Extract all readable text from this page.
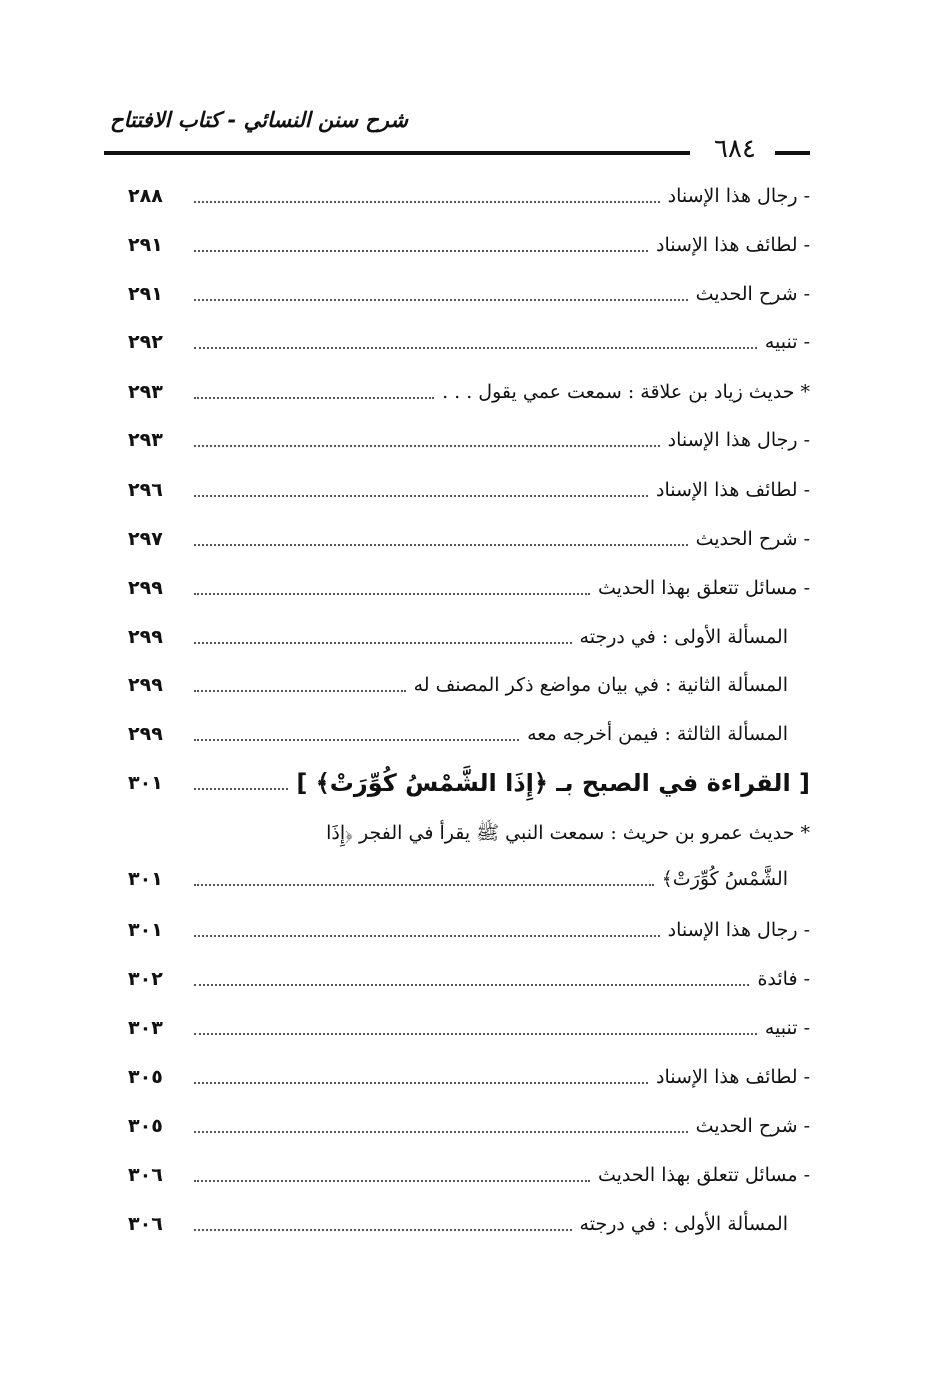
شرح سنن النسائي - كتاب الافتتاح
٦٨٤
- رجال هذا الإسناد
٢٨٨
- لطائف هذا الإسناد
٢٩١
- شرح الحديث
٢٩١
- تنبيه
٢٩٢
* حديث زياد بن علاقة : سمعت عمي يقول . . .
٢٩٣
- رجال هذا الإسناد
٢٩٣
- لطائف هذا الإسناد
٢٩٦
- شرح الحديث
٢٩٧
- مسائل تتعلق بهذا الحديث
٢٩٩
المسألة الأولى : في درجته
٢٩٩
المسألة الثانية : في بيان مواضع ذكر المصنف له
٢٩٩
المسألة الثالثة : فيمن أخرجه معه
٢٩٩
[ القراءة في الصبح بـ ﴿إِذَا الشَّمْسُ كُوِّرَتْ﴾ ]
٣٠١
* حديث عمرو بن حريث : سمعت النبي ﷺ يقرأ في الفجر ﴿إِذَا
الشَّمْسُ كُوِّرَتْ﴾
٣٠١
- رجال هذا الإسناد
٣٠١
- فائدة
٣٠٢
- تنبيه
٣٠٣
- لطائف هذا الإسناد
٣٠٥
- شرح الحديث
٣٠٥
- مسائل تتعلق بهذا الحديث
٣٠٦
المسألة الأولى : في درجته
٣٠٦
